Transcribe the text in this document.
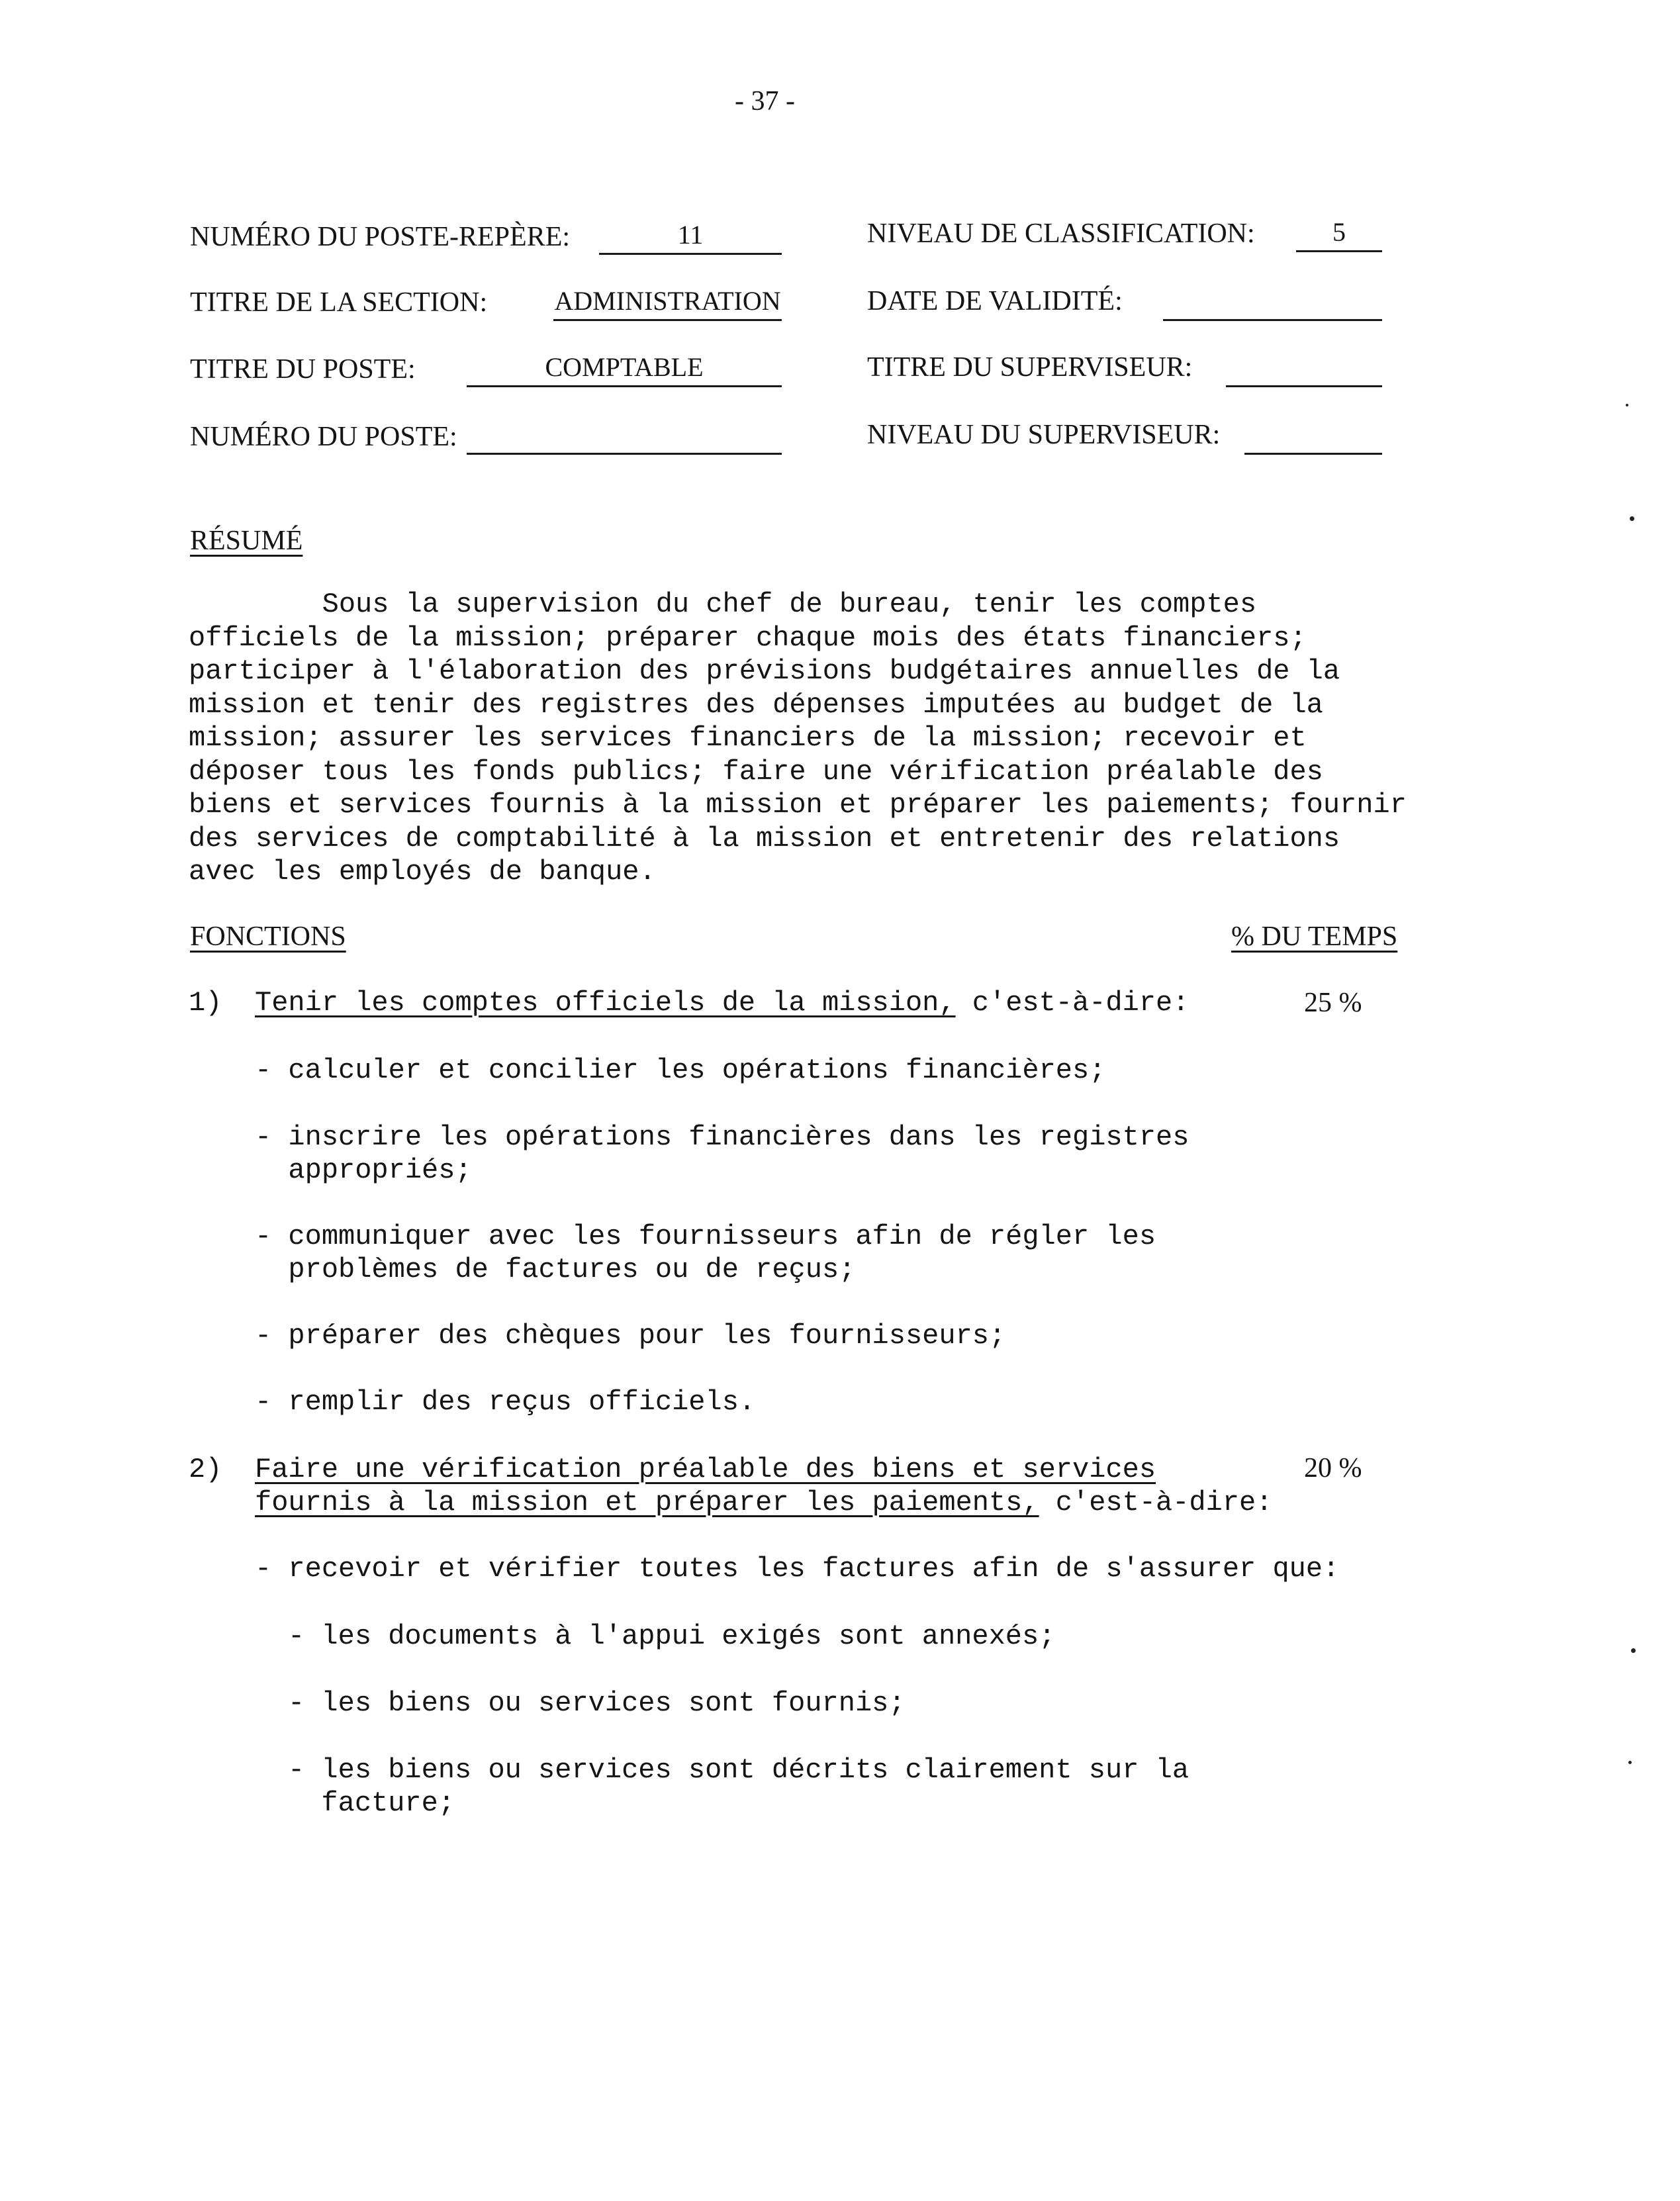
- 37 -
NUMÉRO DU POSTE-REPÈRE:	11
TITRE DE LA SECTION:	ADMINISTRATION
TITRE DU POSTE:	COMPTABLE
NUMÉRO DU POSTE:
NIVEAU DE CLASSIFICATION:	5
DATE DE VALIDITÉ:
TITRE DU SUPERVISEUR:
NIVEAU DU SUPERVISEUR:
RÉSUMÉ
Sous la supervision du chef de bureau, tenir les comptes
officiels de la mission; préparer chaque mois des états financiers;
participer à l'élaboration des prévisions budgétaires annuelles de la
mission et tenir des registres des dépenses imputées au budget de la
mission; assurer les services financiers de la mission; recevoir et
déposer tous les fonds publics; faire une vérification préalable des
biens et services fournis à la mission et préparer les paiements; fournir
des services de comptabilité à la mission et entretenir des relations
avec les employés de banque.
FONCTIONS	% DU TEMPS
1) Tenir les comptes officiels de la mission, c'est-à-dire:	25 %
- calculer et concilier les opérations financières;
- inscrire les opérations financières dans les registres
appropriés;
- communiquer avec les fournisseurs afin de régler les
problèmes de factures ou de reçus;
- préparer des chèques pour les fournisseurs;
- remplir des reçus officiels.
2) Faire une vérification préalable des biens et services	20 %
fournis à la mission et préparer les paiements, c'est-à-dire:
- recevoir et vérifier toutes les factures afin de s'assurer que:
- les documents à l'appui exigés sont annexés;
- les biens ou services sont fournis;
- les biens ou services sont décrits clairement sur la
facture;
